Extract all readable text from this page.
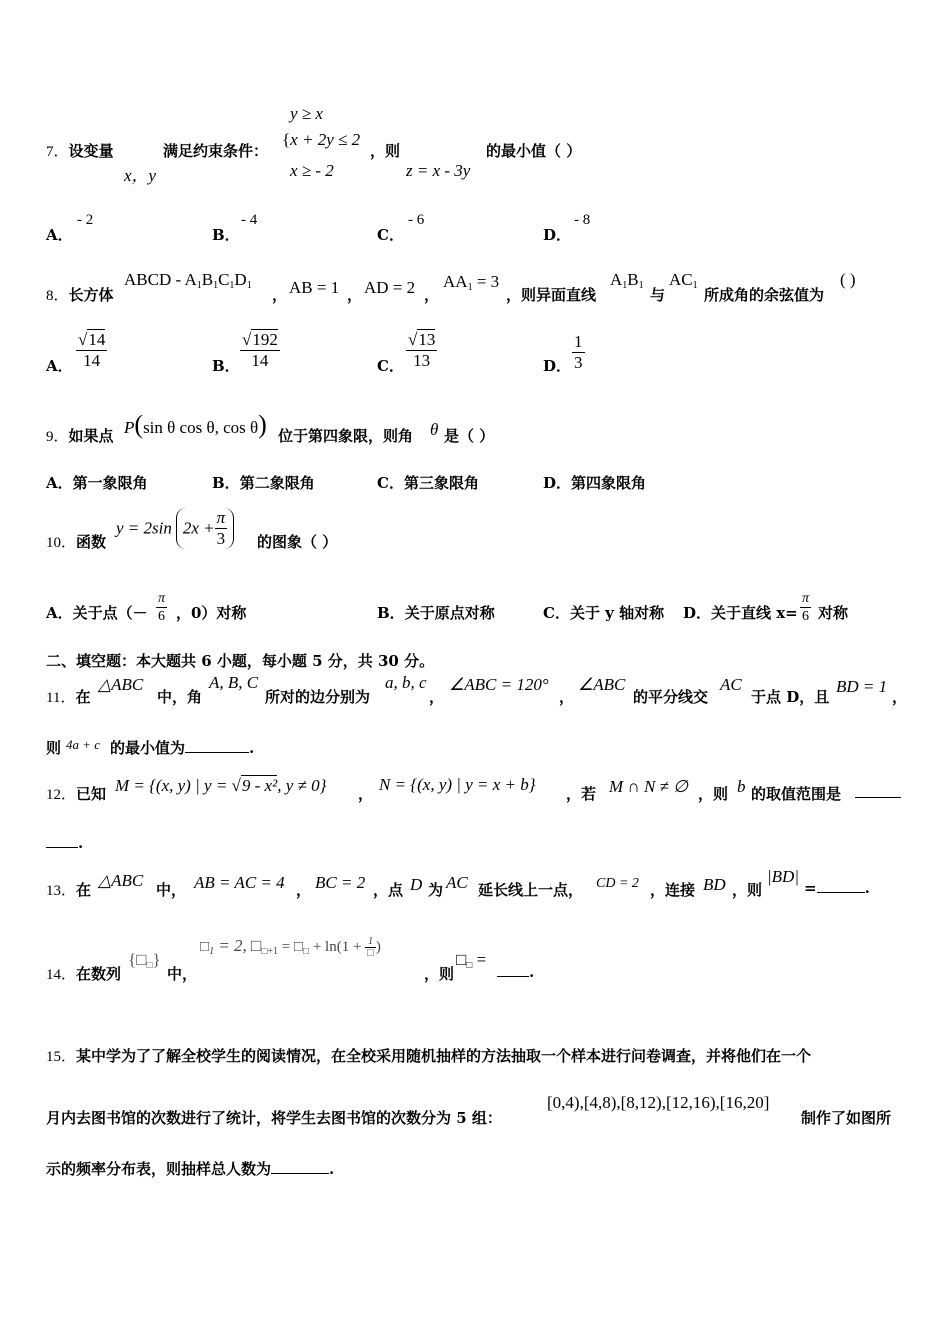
y ≥ x
7．设变量	满足约束条件：
{x + 2y ≤ 2
，则	的最小值（ ）
x，y	x ≥ - 2	z = x - 3y
A．
- 2
B．
- 4
C．
- 6
D．
- 8
8．长方体
ABCD - $A_1B_1C_1D_1$
， AB = 1 ， AD = 2 ，
$AA_1 = 3$
，则异面直线
$A_1B_1$
与
$AC_1$
所成角的余弦值为
( )
A． $\frac{√14}{14}$	B． $\frac{√192}{14}$	C． $\frac{√13}{13}$	D． $\frac{1}{3}$
9．如果点 P(sin θ cos θ, cos θ) 位于第四象限，则角 θ 是（ ）
A．第一象限角	B．第二象限角	C．第三象限角	D．第四象限角
10．函数
y = 2sin $2x + \frac{\pi}{3}$ 的图象（ ）
A．关于点（－ $\frac{\pi}{6}$ ，0）对称	B．关于原点对称	C．关于 y 轴对称 D．关于直线 $x= \frac{\pi}{6}$ 对称
二、填空题：本大题共 6 小题，每小题 5 分，共 30 分。
11．在
△ABC
中，角
A, B, C
所对的边分别为
a, b, c
，
∠ABC = 120°
，
∠ABC
的平分线交
AC
于点 D，且
BD = 1
，
则 4a + c 的最小值为	.
12．已知 M = {(x, y) | y = √9 - x², y ≠ 0} ， N = {(x, y) | y = x + b} ，若 M ∩ N ≠ ∅ ，则 b 的取值范围是
.
13．在 △ABC 中， AB = AC = 4 ， BC = 2 ，点 D 为 AC 延长线上一点， CD = 2 ，连接 BD ，则
|BD|
=	.
14．在数列
$\{□_□\}$
中，
$□_1 = 2$, $□_{□+1}$ = $□_□ + \ln(1 + \frac{1}{□}$ )
，则
$□_□$ =
.
15．某中学为了了解全校学生的阅读情况，在全校采用随机抽样的方法抽取一个样本进行问卷调查，并将他们在一个
月内去图书馆的次数进行了统计，将学生去图书馆的次数分为 5 组：
[0,4),[4,8),[8,12),[12,16),[16,20]
制作了如图所
示的频率分布表，则抽样总人数为	.
